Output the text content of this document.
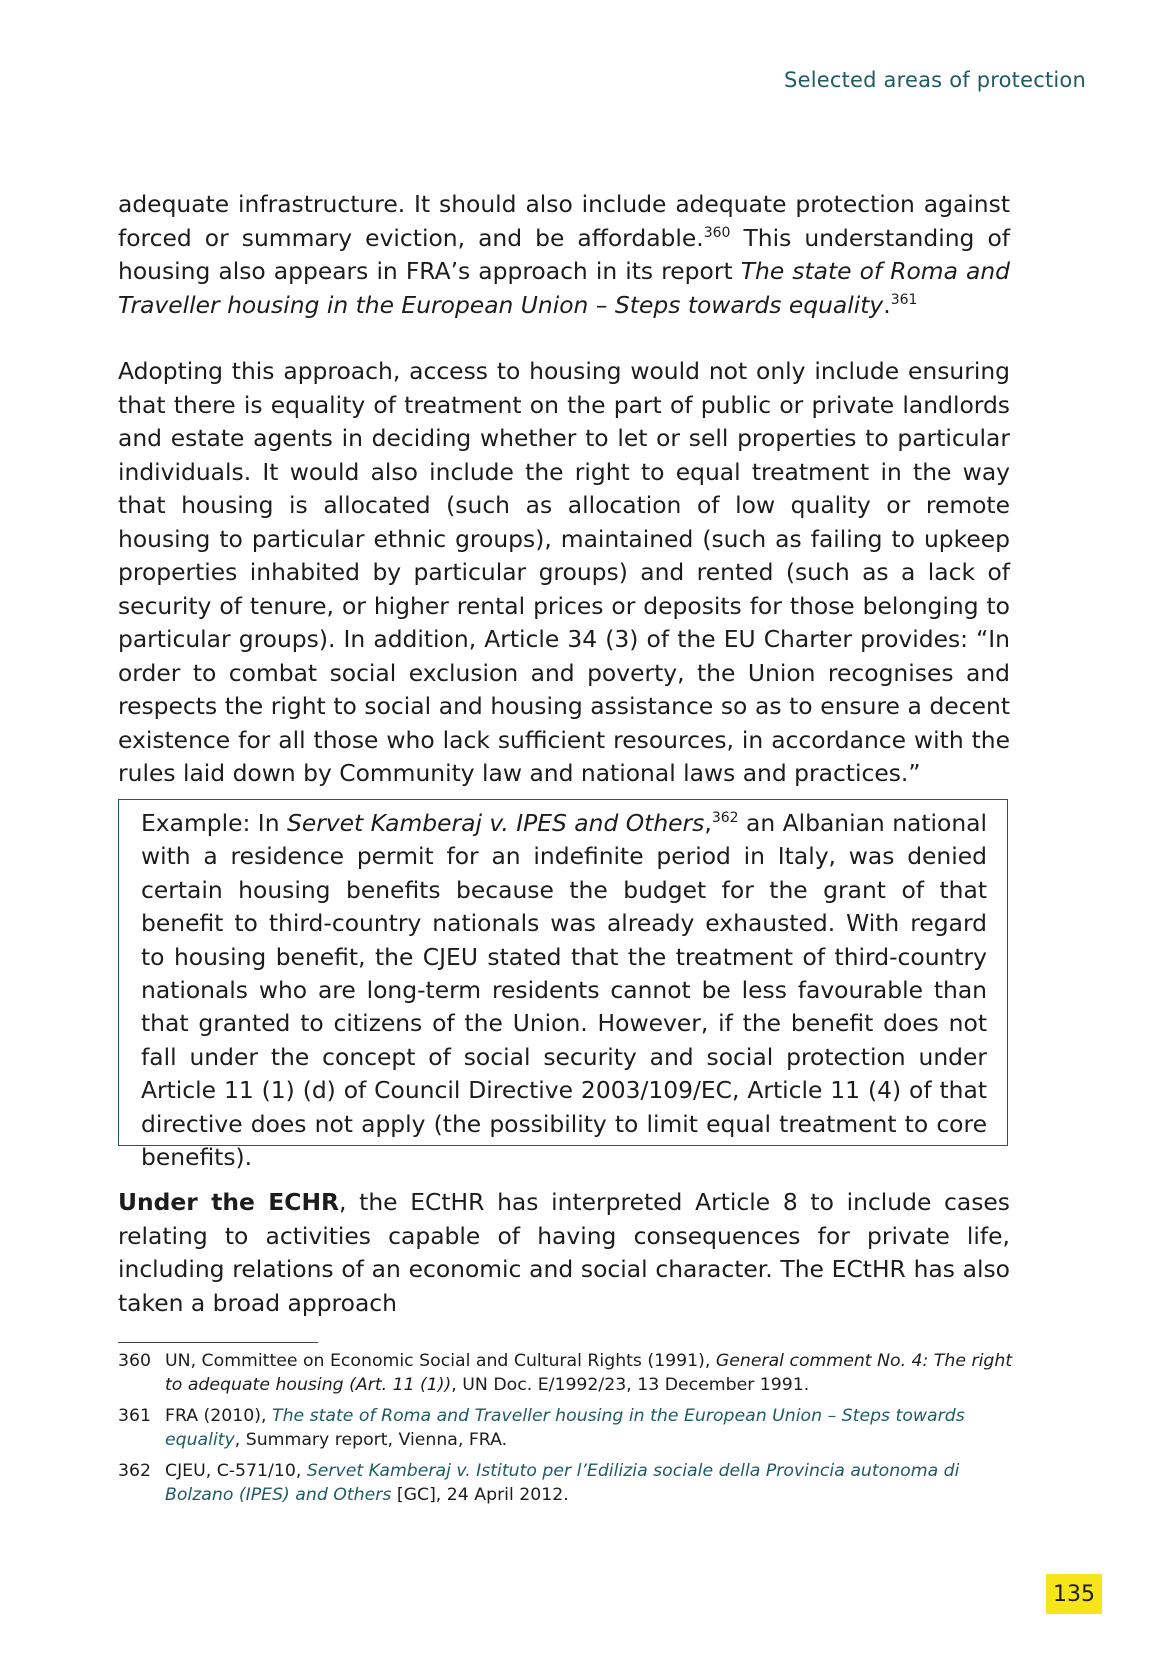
Selected areas of protection

adequate infrastructure. It should also include adequate protection against forced or summary eviction, and be affordable.$^{360}$ This understanding of housing also appears in FRA’s approach in its report The state of Roma and Traveller housing in the European Union – Steps towards equality.$^{361}$

Adopting this approach, access to housing would not only include ensuring that there is equality of treatment on the part of public or private landlords and estate agents in deciding whether to let or sell properties to particular individuals. It would also include the right to equal treatment in the way that housing is allocated (such as allocation of low quality or remote housing to particular ethnic groups), maintained (such as failing to upkeep properties inhabited by particular groups) and rented (such as a lack of security of tenure, or higher rental prices or deposits for those belonging to particular groups). In addition, Article 34 (3) of the EU Charter provides: “In order to combat social exclusion and poverty, the Union recognises and respects the right to social and housing assistance so as to ensure a decent existence for all those who lack sufficient resources, in accordance with the rules laid down by Community law and national laws and practices.”

Example: In Servet Kamberaj v. IPES and Others,$^{362}$ an Albanian national with a residence permit for an indefinite period in Italy, was denied certain housing benefits because the budget for the grant of that benefit to third-country nationals was already exhausted. With regard to housing benefit, the CJEU stated that the treatment of third-country nationals who are long-term residents cannot be less favourable than that granted to citizens of the Union. However, if the benefit does not fall under the concept of social security and social protection under Article 11 (1) (d) of Council Directive 2003/109/EC, Article 11 (4) of that directive does not apply (the possibility to limit equal treatment to core benefits).

Under the ECHR, the ECtHR has interpreted Article 8 to include cases relating to activities capable of having consequences for private life, including relations of an economic and social character. The ECtHR has also taken a broad approach

360 UN, Committee on Economic Social and Cultural Rights (1991), General comment No. 4: The right to adequate housing (Art. 11 (1)), UN Doc. E/1992/23, 13 December 1991.
361 FRA (2010), The state of Roma and Traveller housing in the European Union – Steps towards equality, Summary report, Vienna, FRA.
362 CJEU, C-571/10, Servet Kamberaj v. Istituto per l’Edilizia sociale della Provincia autonoma di Bolzano (IPES) and Others [GC], 24 April 2012.
135
